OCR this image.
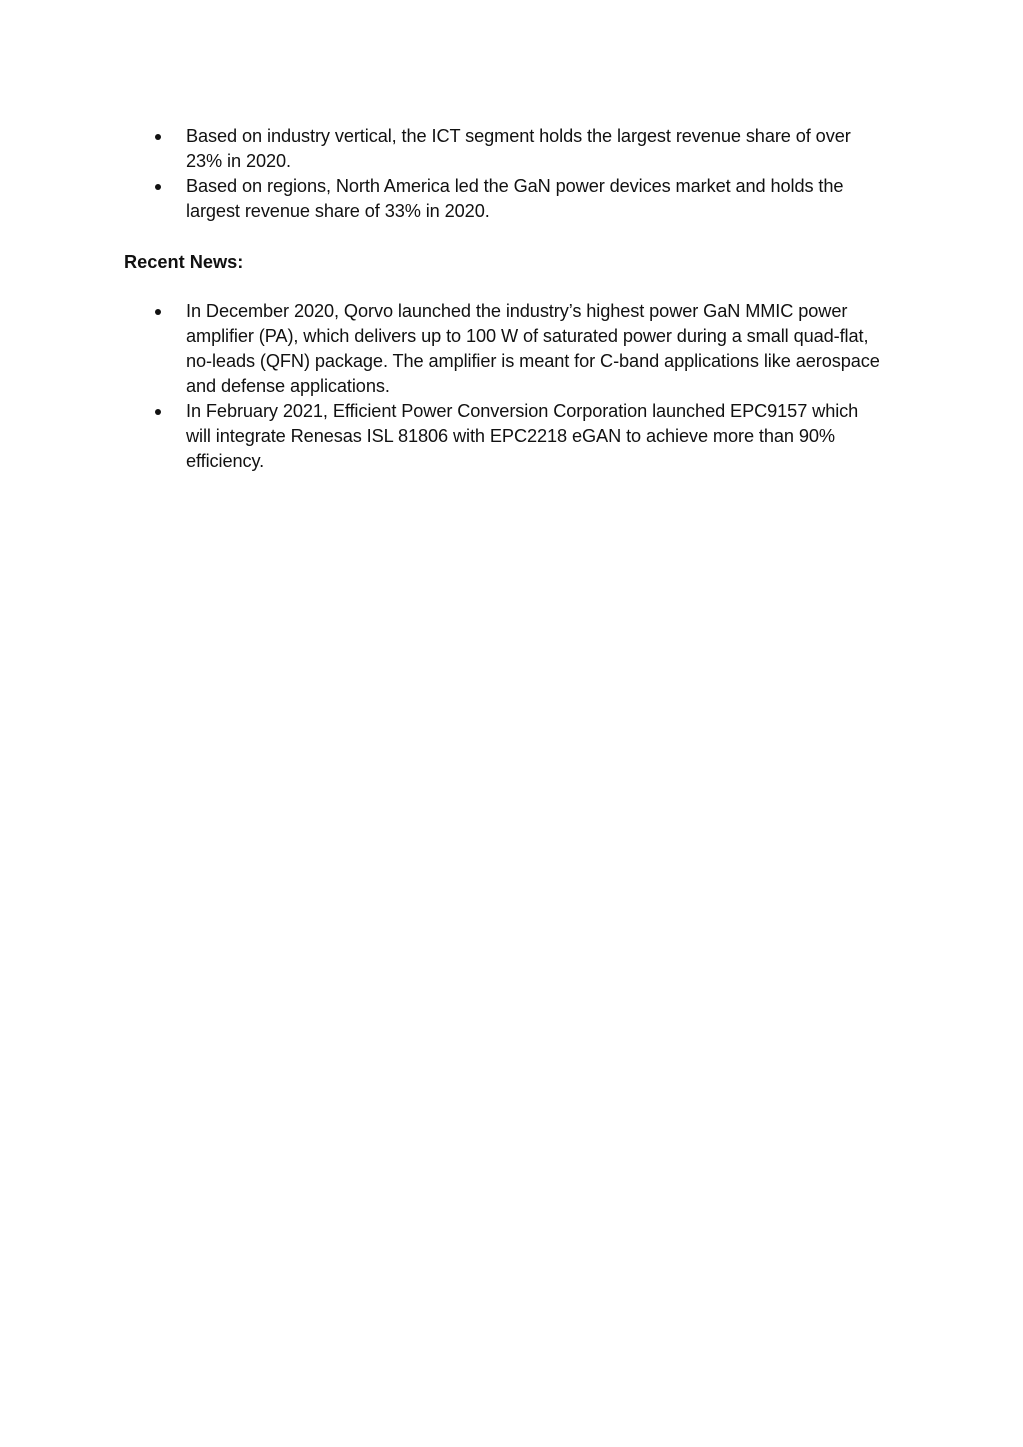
Based on industry vertical, the ICT segment holds the largest revenue share of over 23% in 2020.
Based on regions, North America led the GaN power devices market and holds the largest revenue share of 33% in 2020.
Recent News:
In December 2020, Qorvo launched the industry’s highest power GaN MMIC power amplifier (PA), which delivers up to 100 W of saturated power during a small quad-flat, no-leads (QFN) package. The amplifier is meant for C-band applications like aerospace and defense applications.
In February 2021, Efficient Power Conversion Corporation launched EPC9157 which will integrate Renesas ISL 81806 with EPC2218 eGAN to achieve more than 90% efficiency.
